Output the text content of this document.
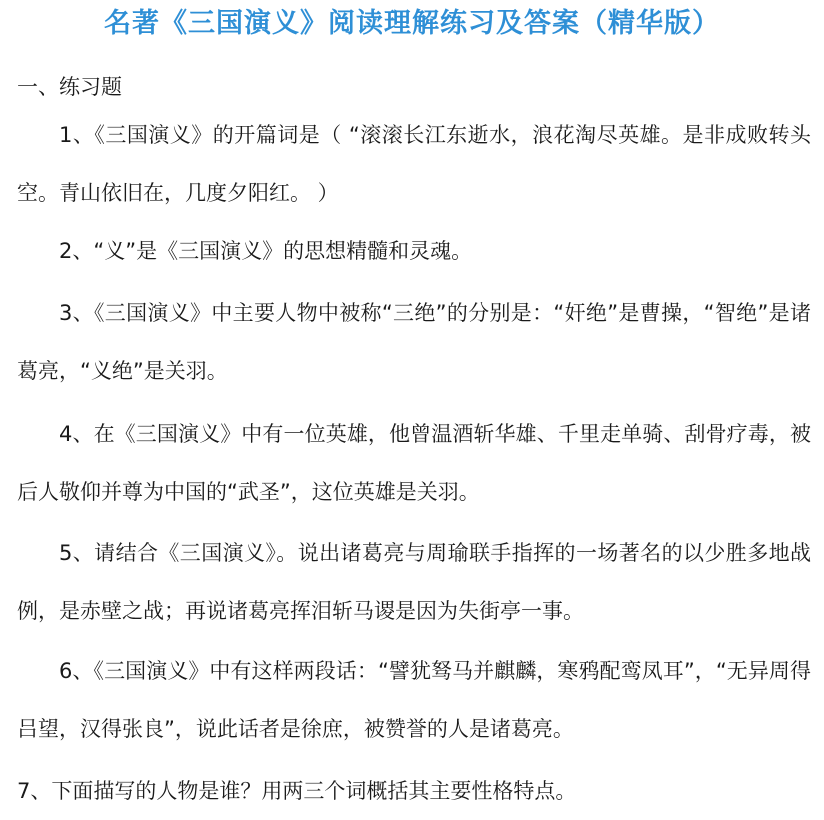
名著《三国演义》阅读理解练习及答案（精华版）
一、练习题
1、《三国演义》的开篇词是（ “滚滚长江东逝水，浪花淘尽英雄。是非成败转头空。青山依旧在，几度夕阳红。 ）
2、“义”是《三国演义》的思想精髓和灵魂。
3、《三国演义》中主要人物中被称“三绝”的分别是：“奸绝”是曹操，“智绝”是诸葛亮，“义绝”是关羽。
4、在《三国演义》中有一位英雄，他曾温酒斩华雄、千里走单骑、刮骨疗毒，被后人敬仰并尊为中国的“武圣”，这位英雄是关羽。
5、请结合《三国演义》。说出诸葛亮与周瑜联手指挥的一场著名的以少胜多地战例，是赤壁之战；再说诸葛亮挥泪斩马谡是因为失街亭一事。
6、《三国演义》中有这样两段话：“譬犹驽马并麒麟，寒鸦配鸾凤耳”，“无异周得吕望，汉得张良”，说此话者是徐庶，被赞誉的人是诸葛亮。
7、下面描写的人物是谁？用两三个词概括其主要性格特点。
